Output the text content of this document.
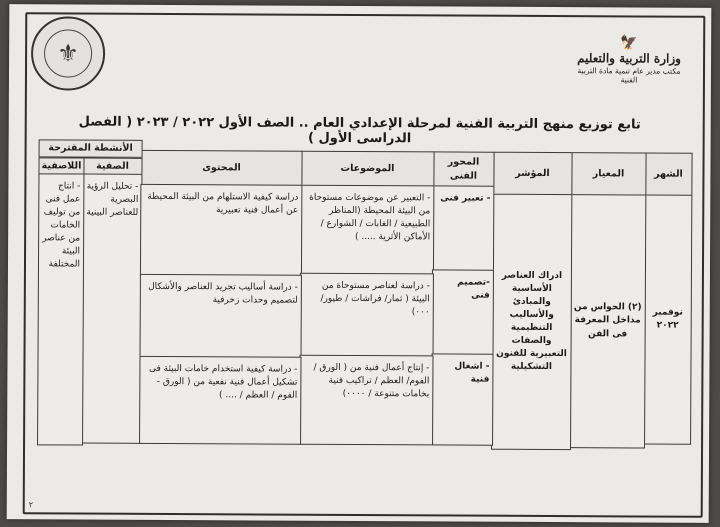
⚜	🦅
وزارة التربية والتعليم
مكتب مدير عام تنمية مادة التربية الفنية
تابع توزيع منهج التربية الفنية لمرحلة الإعدادي العام .. الصف الأول ٢٠٢٢ / ٢٠٢٣ ( الفصل الدراسى الأول )
الشهر
المعيار
المؤشر
المحور الفنى
الموضوعات
المحتوى
الأنشطة المقترحة
الصفية
اللاصفية
نوفمبر ٢٠٢٢
(٢) الحواس من مداخل المعرفة فى الفن
ادراك العناصر الأساسية والمبادئ والأساليب التنظيمية والصفات التعبيرية للفنون التشكيلية
- تحليل الرؤية البصرية للعناصر البينية
- انتاج عمل فنى من توليف الخامات من عناصر البيئة المختلفة
- تعبير فنى
- التعبير عن موضوعات مستوحاة من البيئة المحيطة (المناظر الطبيعية / الغابات / الشوارع / الأماكن الأثرية ..... )
دراسة كيفية الاستلهام من البيئة المحيطة عن أعمال فنية تعبيرية
-تصميم فنى
- دراسة لعناصر مستوحاة من البيئة ( ثمار/ فراشات / طيور/ ٠٠٠)
- دراسة أساليب تجريد العناصر والأشكال لتصميم وحدات زخرفية
- اشغال فنية
- إنتاج أعمال فنية من ( الورق / الفوم/ العظم / تراكيب فنية بخامات متنوعة / ٠٠٠٠)
- دراسة كيفية استخدام خامات البيئة فى تشكيل أعمال فنية نفعية من ( الورق - الفوم / العظم / .... )
٢
